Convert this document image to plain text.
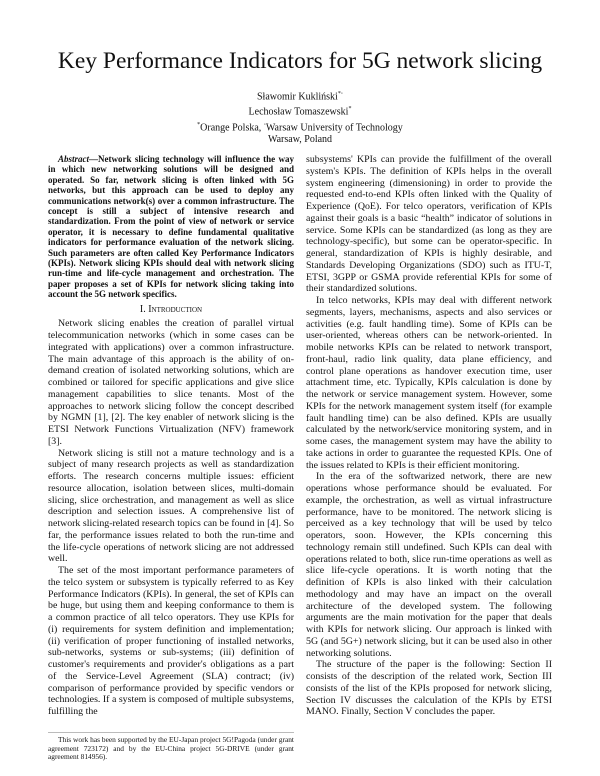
Key Performance Indicators for 5G network slicing
Sławomir Kukliński*◦
Lechosław Tomaszewski*
*Orange Polska, ◦Warsaw University of Technology
Warsaw, Poland
Abstract—Network slicing technology will influence the way in which new networking solutions will be designed and operated. So far, network slicing is often linked with 5G networks, but this approach can be used to deploy any communications network(s) over a common infrastructure. The concept is still a subject of intensive research and standardization. From the point of view of network or service operator, it is necessary to define fundamental qualitative indicators for performance evaluation of the network slicing. Such parameters are often called Key Performance Indicators (KPIs). Network slicing KPIs should deal with network slicing run-time and life-cycle management and orchestration. The paper proposes a set of KPIs for network slicing taking into account the 5G network specifics.
I. Introduction

Network slicing enables the creation of parallel virtual telecommunication networks (which in some cases can be integrated with applications) over a common infrastructure. The main advantage of this approach is the ability of on-demand creation of isolated networking solutions, which are combined or tailored for specific applications and give slice management capabilities to slice tenants. Most of the approaches to network slicing follow the concept described by NGMN [1], [2]. The key enabler of network slicing is the ETSI Network Functions Virtualization (NFV) framework [3].

Network slicing is still not a mature technology and is a subject of many research projects as well as standardization efforts. The research concerns multiple issues: efficient resource allocation, isolation between slices, multi-domain slicing, slice orchestration, and management as well as slice description and selection issues. A comprehensive list of network slicing-related research topics can be found in [4]. So far, the performance issues related to both the run-time and the life-cycle operations of network slicing are not addressed well.

The set of the most important performance parameters of the telco system or subsystem is typically referred to as Key Performance Indicators (KPIs). In general, the set of KPIs can be huge, but using them and keeping conformance to them is a common practice of all telco operators. They use KPIs for (i) requirements for system definition and implementation; (ii) verification of proper functioning of installed networks, sub-networks, systems or sub-systems; (iii) definition of customer's requirements and provider's obligations as a part of the Service-Level Agreement (SLA) contract; (iv) comparison of performance provided by specific vendors or technologies. If a system is composed of multiple subsystems, fulfilling the

This work has been supported by the EU-Japan project 5G!Pagoda (under grant agreement 723172) and by the EU-China project 5G-DRIVE (under grant agreement 814956).

subsystems' KPIs can provide the fulfillment of the overall system's KPIs. The definition of KPIs helps in the overall system engineering (dimensioning) in order to provide the requested end-to-end KPIs often linked with the Quality of Experience (QoE). For telco operators, verification of KPIs against their goals is a basic “health” indicator of solutions in service. Some KPIs can be standardized (as long as they are technology-specific), but some can be operator-specific. In general, standardization of KPIs is highly desirable, and Standards Developing Organizations (SDO) such as ITU-T, ETSI, 3GPP or GSMA provide referential KPIs for some of their standardized solutions.

In telco networks, KPIs may deal with different network segments, layers, mechanisms, aspects and also services or activities (e.g. fault handling time). Some of KPIs can be user-oriented, whereas others can be network-oriented. In mobile networks KPIs can be related to network transport, front-haul, radio link quality, data plane efficiency, and control plane operations as handover execution time, user attachment time, etc. Typically, KPIs calculation is done by the network or service management system. However, some KPIs for the network management system itself (for example fault handling time) can be also defined. KPIs are usually calculated by the network/service monitoring system, and in some cases, the management system may have the ability to take actions in order to guarantee the requested KPIs. One of the issues related to KPIs is their efficient monitoring.

In the era of the softwarized network, there are new operations whose performance should be evaluated. For example, the orchestration, as well as virtual infrastructure performance, have to be monitored. The network slicing is perceived as a key technology that will be used by telco operators, soon. However, the KPIs concerning this technology remain still undefined. Such KPIs can deal with operations related to both, slice run-time operations as well as slice life-cycle operations. It is worth noting that the definition of KPIs is also linked with their calculation methodology and may have an impact on the overall architecture of the developed system. The following arguments are the main motivation for the paper that deals with KPIs for network slicing. Our approach is linked with 5G (and 5G+) network slicing, but it can be used also in other networking solutions.

The structure of the paper is the following: Section II consists of the description of the related work, Section III consists of the list of the KPIs proposed for network slicing, Section IV discusses the calculation of the KPIs by ETSI MANO. Finally, Section V concludes the paper.
